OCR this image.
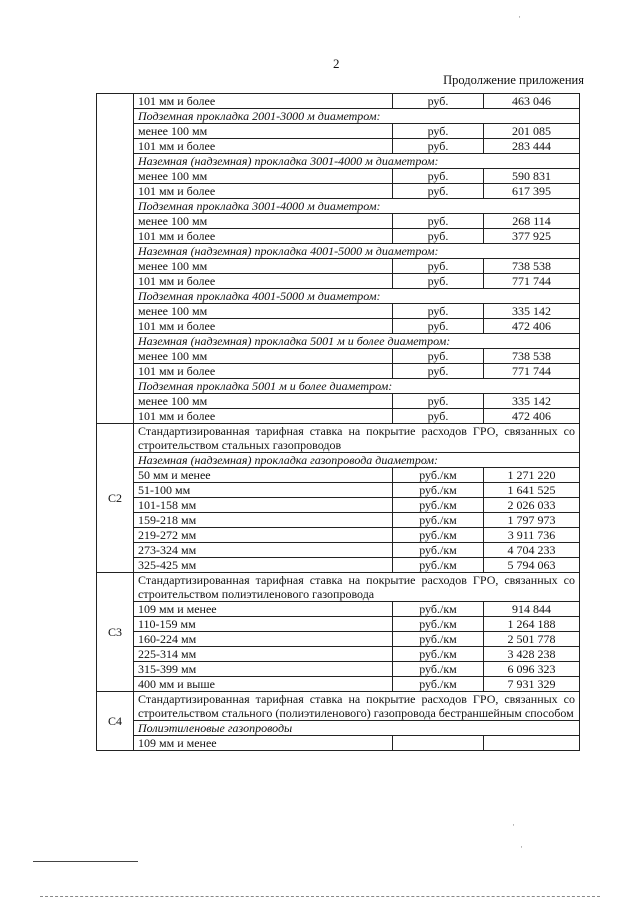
2
Продолжение приложения
	101 мм и более	руб.	463 046
	Подземная прокладка 2001-3000 м диаметром:		
	менее 100 мм	руб.	201 085
	101 мм и более	руб.	283 444
	Наземная (надземная) прокладка 3001-4000 м диаметром:		
	менее 100 мм	руб.	590 831
	101 мм и более	руб.	617 395
	Подземная прокладка 3001-4000 м диаметром:		
	менее 100 мм	руб.	268 114
	101 мм и более	руб.	377 925
	Наземная (надземная) прокладка 4001-5000 м диаметром:		
	менее 100 мм	руб.	738 538
	101 мм и более	руб.	771 744
	Подземная прокладка 4001-5000 м диаметром:		
	менее 100 мм	руб.	335 142
	101 мм и более	руб.	472 406
	Наземная (надземная) прокладка 5001 м и более диаметром:		
	менее 100 мм	руб.	738 538
	101 мм и более	руб.	771 744
	Подземная прокладка 5001 м и более диаметром:		
	менее 100 мм	руб.	335 142
	101 мм и более	руб.	472 406
С2	Стандартизированная тарифная ставка на покрытие расходов ГРО, связанных со строительством стальных газопроводов		
	Наземная (надземная) прокладка газопровода диаметром:		
	50 мм и менее	руб./км	1 271 220
	51-100 мм	руб./км	1 641 525
	101-158 мм	руб./км	2 026 033
	159-218 мм	руб./км	1 797 973
	219-272 мм	руб./км	3 911 736
	273-324 мм	руб./км	4 704 233
	325-425 мм	руб./км	5 794 063
С3	Стандартизированная тарифная ставка на покрытие расходов ГРО, связанных со строительством полиэтиленового газопровода		
	109 мм и менее	руб./км	914 844
	110-159 мм	руб./км	1 264 188
	160-224 мм	руб./км	2 501 778
	225-314 мм	руб./км	3 428 238
	315-399 мм	руб./км	6 096 323
	400 мм и выше	руб./км	7 931 329
С4	Стандартизированная тарифная ставка на покрытие расходов ГРО, связанных со строительством стального (полиэтиленового) газопровода бестраншейным способом		
	Полиэтиленовые газопроводы		
	109 мм и менее		
·
·
·
